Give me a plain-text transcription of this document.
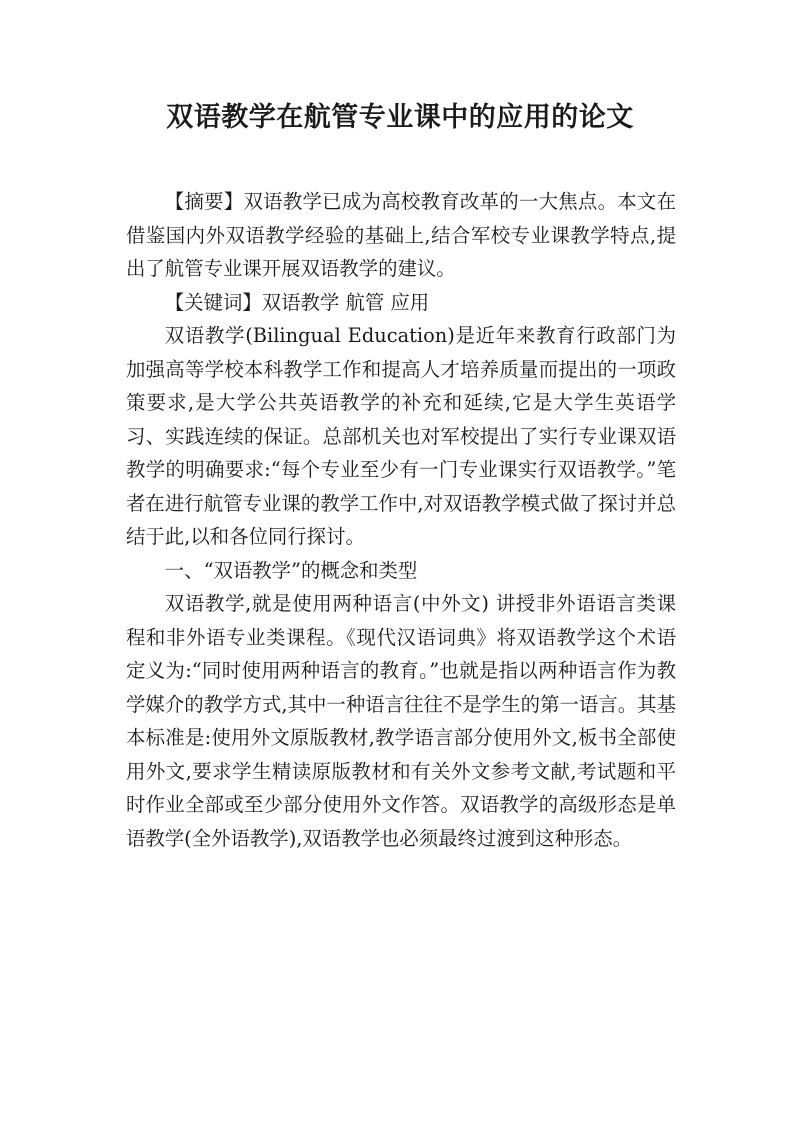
双语教学在航管专业课中的应用的论文

【摘要】双语教学已成为高校教育改革的一大焦点。本文在借鉴国内外双语教学经验的基础上,结合军校专业课教学特点,提出了航管专业课开展双语教学的建议。

【关键词】双语教学 航管 应用

双语教学(Bilingual Education)是近年来教育行政部门为加强高等学校本科教学工作和提高人才培养质量而提出的一项政策要求,是大学公共英语教学的补充和延续,它是大学生英语学习、实践连续的保证。总部机关也对军校提出了实行专业课双语教学的明确要求:“每个专业至少有一门专业课实行双语教学。”笔者在进行航管专业课的教学工作中,对双语教学模式做了探讨并总结于此,以和各位同行探讨。

一、“双语教学”的概念和类型

双语教学,就是使用两种语言(中外文) 讲授非外语语言类课程和非外语专业类课程。《现代汉语词典》将双语教学这个术语定义为:“同时使用两种语言的教育。”也就是指以两种语言作为教学媒介的教学方式,其中一种语言往往不是学生的第一语言。其基本标准是:使用外文原版教材,教学语言部分使用外文,板书全部使用外文,要求学生精读原版教材和有关外文参考文献,考试题和平时作业全部或至少部分使用外文作答。双语教学的高级形态是单语教学(全外语教学),双语教学也必须最终过渡到这种形态。
